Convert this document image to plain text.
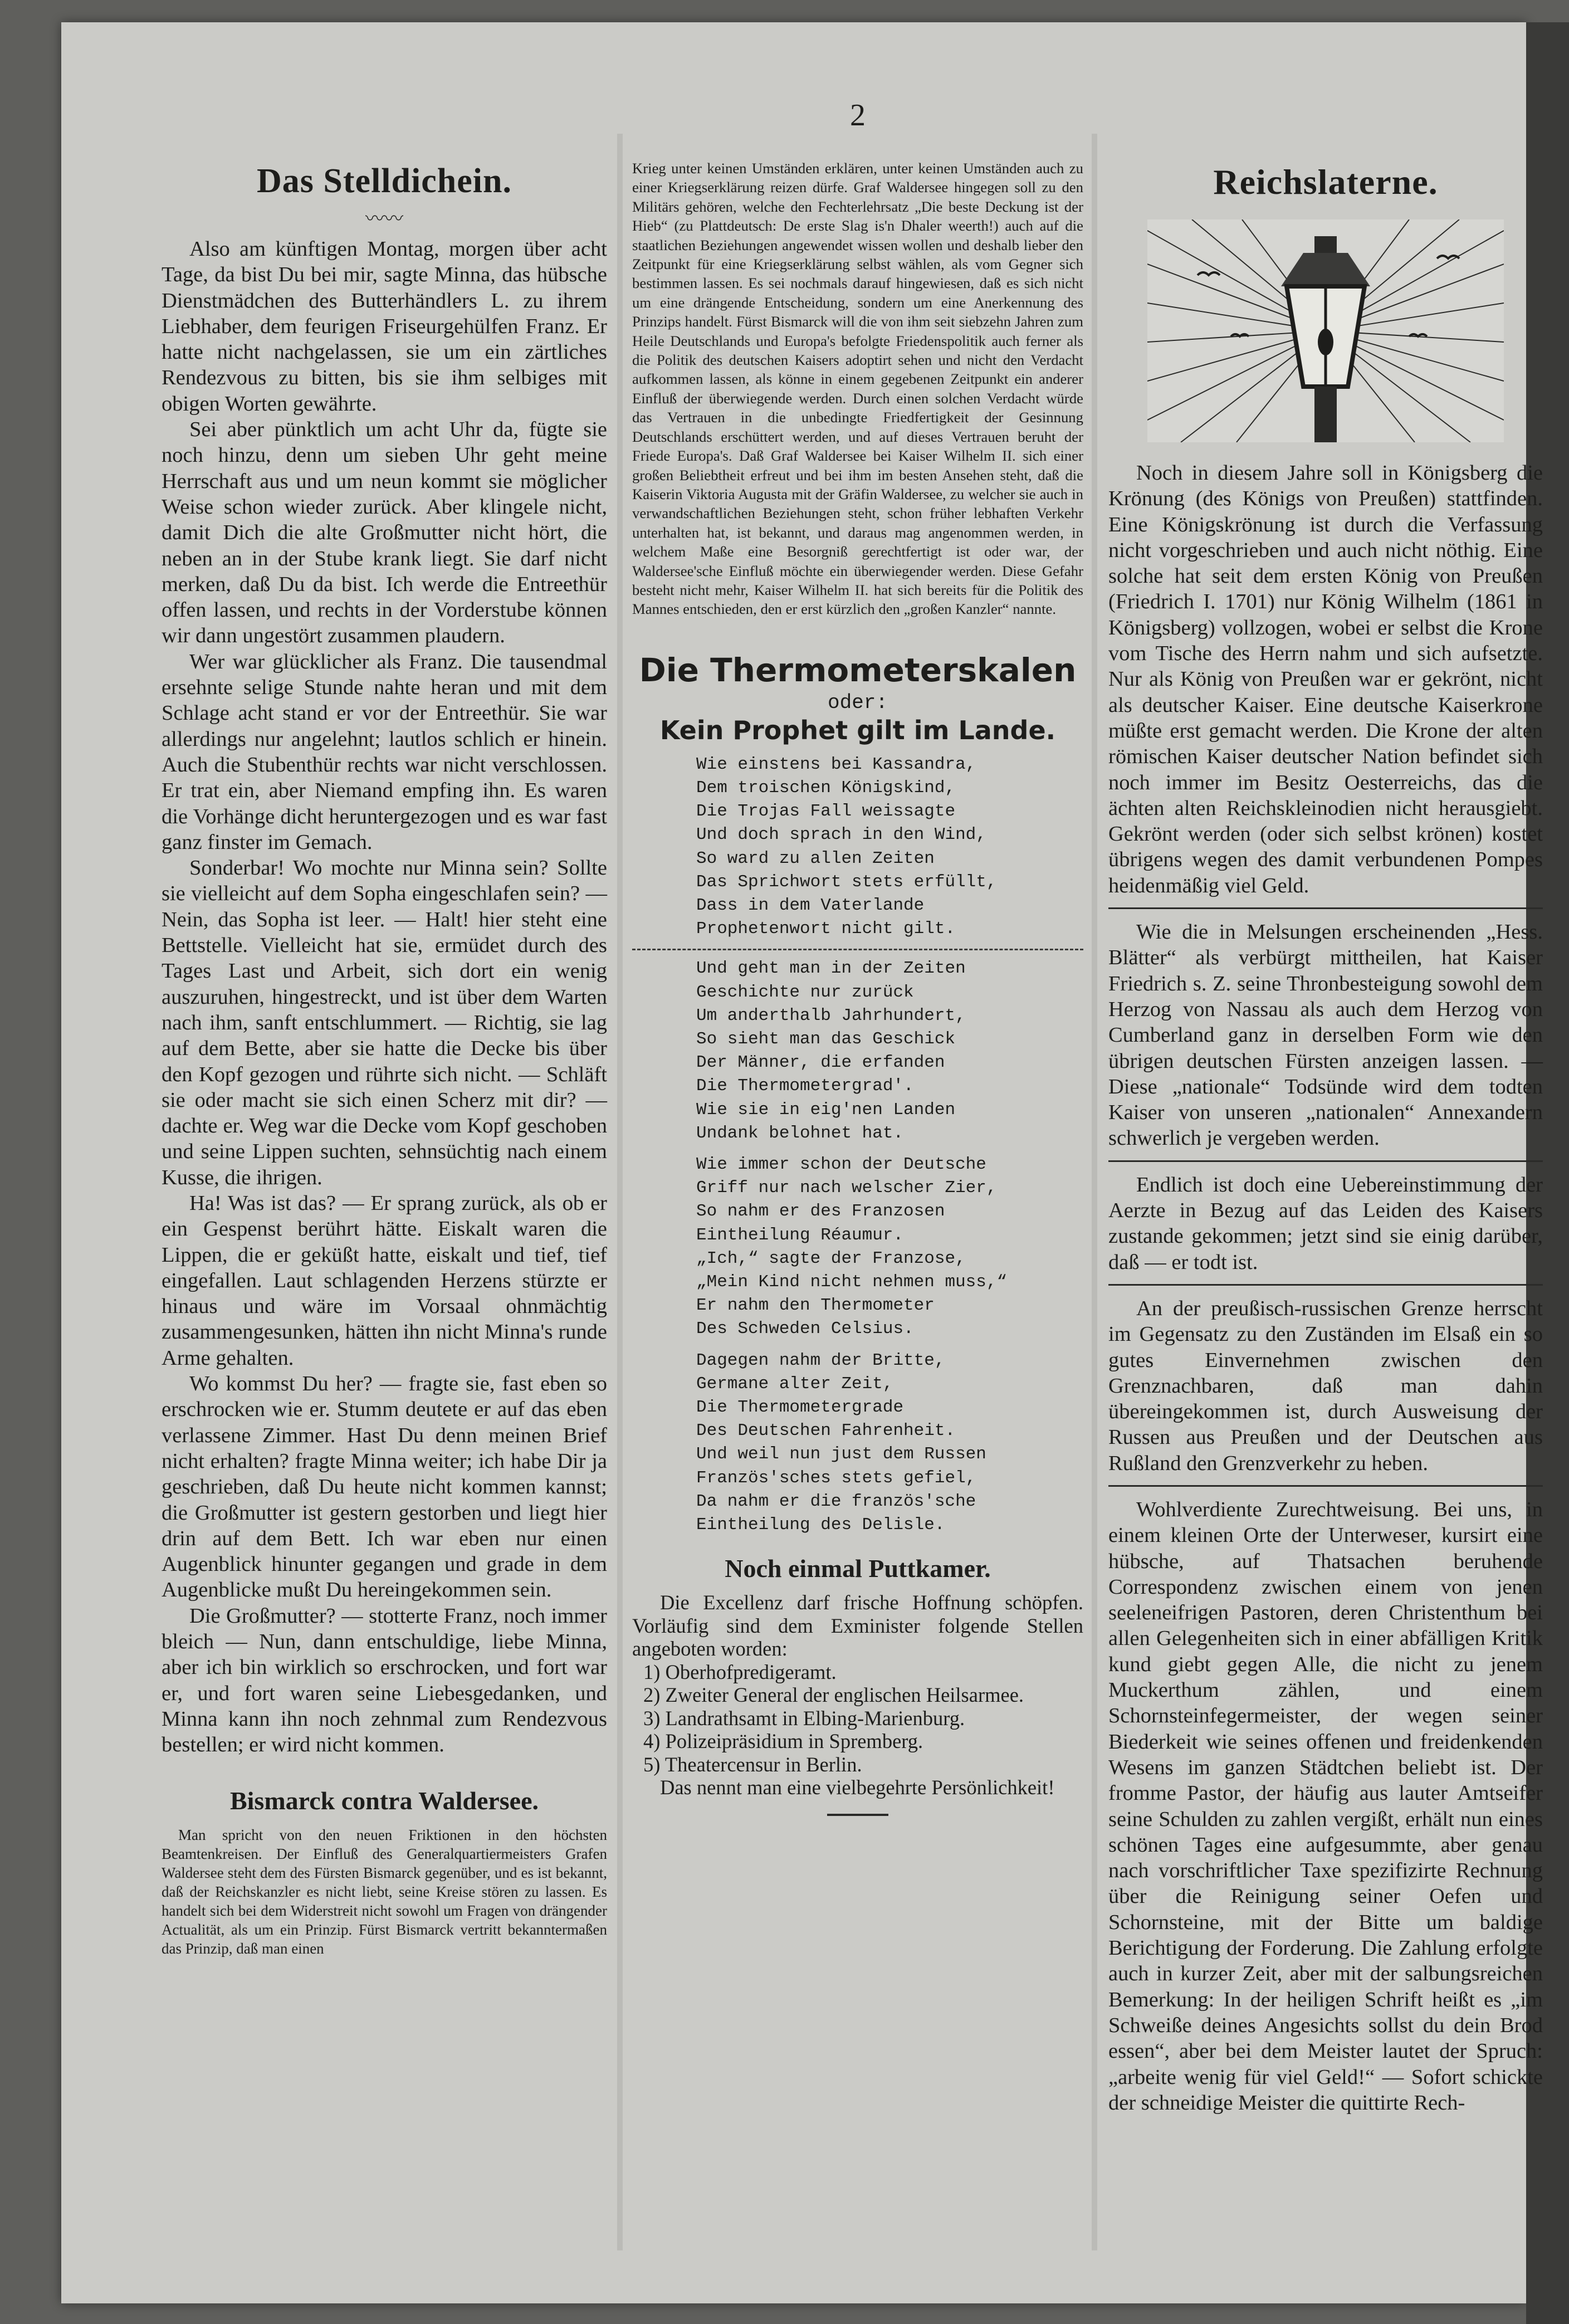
2
Das Stelldichein.
〰〰

Also am künftigen Montag, morgen über acht Tage, da bist Du bei mir, sagte Minna, das hübsche Dienstmädchen des Butterhändlers L. zu ihrem Liebhaber, dem feurigen Friseurgehülfen Franz. Er hatte nicht nachgelassen, sie um ein zärtliches Rendezvous zu bitten, bis sie ihm selbiges mit obigen Worten gewährte.

Sei aber pünktlich um acht Uhr da, fügte sie noch hinzu, denn um sieben Uhr geht meine Herrschaft aus und um neun kommt sie möglicher Weise schon wieder zurück. Aber klingele nicht, damit Dich die alte Großmutter nicht hört, die neben an in der Stube krank liegt. Sie darf nicht merken, daß Du da bist. Ich werde die Entreethür offen lassen, und rechts in der Vorderstube können wir dann ungestört zusammen plaudern.

Wer war glücklicher als Franz. Die tausendmal ersehnte selige Stunde nahte heran und mit dem Schlage acht stand er vor der Entreethür. Sie war allerdings nur angelehnt; lautlos schlich er hinein. Auch die Stubenthür rechts war nicht verschlossen. Er trat ein, aber Niemand empfing ihn. Es waren die Vorhänge dicht heruntergezogen und es war fast ganz finster im Gemach.

Sonderbar! Wo mochte nur Minna sein? Sollte sie vielleicht auf dem Sopha eingeschlafen sein? — Nein, das Sopha ist leer. — Halt! hier steht eine Bettstelle. Vielleicht hat sie, ermüdet durch des Tages Last und Arbeit, sich dort ein wenig auszuruhen, hingestreckt, und ist über dem Warten nach ihm, sanft entschlummert. — Richtig, sie lag auf dem Bette, aber sie hatte die Decke bis über den Kopf gezogen und rührte sich nicht. — Schläft sie oder macht sie sich einen Scherz mit dir? — dachte er. Weg war die Decke vom Kopf geschoben und seine Lippen suchten, sehnsüchtig nach einem Kusse, die ihrigen.

Ha! Was ist das? — Er sprang zurück, als ob er ein Gespenst berührt hätte. Eiskalt waren die Lippen, die er geküßt hatte, eiskalt und tief, tief eingefallen. Laut schlagenden Herzens stürzte er hinaus und wäre im Vorsaal ohnmächtig zusammengesunken, hätten ihn nicht Minna's runde Arme gehalten.

Wo kommst Du her? — fragte sie, fast eben so erschrocken wie er. Stumm deutete er auf das eben verlassene Zimmer. Hast Du denn meinen Brief nicht erhalten? fragte Minna weiter; ich habe Dir ja geschrieben, daß Du heute nicht kommen kannst; die Großmutter ist gestern gestorben und liegt hier drin auf dem Bett. Ich war eben nur einen Augenblick hinunter gegangen und grade in dem Augenblicke mußt Du hereingekommen sein.

Die Großmutter? — stotterte Franz, noch immer bleich — Nun, dann entschuldige, liebe Minna, aber ich bin wirklich so erschrocken, und fort war er, und fort waren seine Liebesgedanken, und Minna kann ihn noch zehnmal zum Rendezvous bestellen; er wird nicht kommen.

Bismarck contra Waldersee.

Man spricht von den neuen Friktionen in den höchsten Beamtenkreisen. Der Einfluß des Generalquartiermeisters Grafen Waldersee steht dem des Fürsten Bismarck gegenüber, und es ist bekannt, daß der Reichskanzler es nicht liebt, seine Kreise stören zu lassen. Es handelt sich bei dem Widerstreit nicht sowohl um Fragen von drängender Actualität, als um ein Prinzip. Fürst Bismarck vertritt bekanntermaßen das Prinzip, daß man einen

Krieg unter keinen Umständen erklären, unter keinen Umständen auch zu einer Kriegserklärung reizen dürfe. Graf Waldersee hingegen soll zu den Militärs gehören, welche den Fechterlehrsatz „Die beste Deckung ist der Hieb“ (zu Plattdeutsch: De erste Slag is'n Dhaler weerth!) auch auf die staatlichen Beziehungen angewendet wissen wollen und deshalb lieber den Zeitpunkt für eine Kriegserklärung selbst wählen, als vom Gegner sich bestimmen lassen. Es sei nochmals darauf hingewiesen, daß es sich nicht um eine drängende Entscheidung, sondern um eine Anerkennung des Prinzips handelt. Fürst Bismarck will die von ihm seit siebzehn Jahren zum Heile Deutschlands und Europa's befolgte Friedenspolitik auch ferner als die Politik des deutschen Kaisers adoptirt sehen und nicht den Verdacht aufkommen lassen, als könne in einem gegebenen Zeitpunkt ein anderer Einfluß der überwiegende werden. Durch einen solchen Verdacht würde das Vertrauen in die unbedingte Friedfertigkeit der Gesinnung Deutschlands erschüttert werden, und auf dieses Vertrauen beruht der Friede Europa's. Daß Graf Waldersee bei Kaiser Wilhelm II. sich einer großen Beliebtheit erfreut und bei ihm im besten Ansehen steht, daß die Kaiserin Viktoria Augusta mit der Gräfin Waldersee, zu welcher sie auch in verwandschaftlichen Beziehungen steht, schon früher lebhaften Verkehr unterhalten hat, ist bekannt, und daraus mag angenommen werden, in welchem Maße eine Besorgniß gerechtfertigt ist oder war, der Waldersee'sche Einfluß möchte ein überwiegender werden. Diese Gefahr besteht nicht mehr, Kaiser Wilhelm II. hat sich bereits für die Politik des Mannes entschieden, den er erst kürzlich den „großen Kanzler“ nannte.

Die Thermometerskalen
oder:
Kein Prophet gilt im Lande.
Wie einstens bei Kassandra,
Dem troischen Königskind,
Die Trojas Fall weissagte
Und doch sprach in den Wind,
So ward zu allen Zeiten
Das Sprichwort stets erfüllt,
Dass in dem Vaterlande
Prophetenwort nicht gilt.
Und geht man in der Zeiten
Geschichte nur zurück
Um anderthalb Jahrhundert,
So sieht man das Geschick
Der Männer, die erfanden
Die Thermometergrad'.
Wie sie in eig'nen Landen
Undank belohnet hat.
Wie immer schon der Deutsche
Griff nur nach welscher Zier,
So nahm er des Franzosen
Eintheilung Réaumur.
„Ich,“ sagte der Franzose,
„Mein Kind nicht nehmen muss,“
Er nahm den Thermometer
Des Schweden Celsius.
Dagegen nahm der Britte,
Germane alter Zeit,
Die Thermometergrade
Des Deutschen Fahrenheit.
Und weil nun just dem Russen
Französ'sches stets gefiel,
Da nahm er die französ'sche
Eintheilung des Delisle.
Noch einmal Puttkamer.

Die Excellenz darf frische Hoffnung schöpfen. Vorläufig sind dem Exminister folgende Stellen angeboten worden:

1) Oberhofpredigeramt.
2) Zweiter General der englischen Heilsarmee.
3) Landrathsamt in Elbing-Marienburg.
4) Polizeipräsidium in Spremberg.
5) Theatercensur in Berlin.

Das nennt man eine vielbegehrte Persönlichkeit!

Reichslaterne.

Noch in diesem Jahre soll in Königsberg die Krönung (des Königs von Preußen) stattfinden. Eine Königskrönung ist durch die Verfassung nicht vorgeschrieben und auch nicht nöthig. Eine solche hat seit dem ersten König von Preußen (Friedrich I. 1701) nur König Wilhelm (1861 in Königsberg) vollzogen, wobei er selbst die Krone vom Tische des Herrn nahm und sich aufsetzte. Nur als König von Preußen war er gekrönt, nicht als deutscher Kaiser. Eine deutsche Kaiserkrone müßte erst gemacht werden. Die Krone der alten römischen Kaiser deutscher Nation befindet sich noch immer im Besitz Oesterreichs, das die ächten alten Reichskleinodien nicht herausgiebt. Gekrönt werden (oder sich selbst krönen) kostet übrigens wegen des damit verbundenen Pompes heidenmäßig viel Geld.

Wie die in Melsungen erscheinenden „Hess. Blätter“ als verbürgt mittheilen, hat Kaiser Friedrich s. Z. seine Thronbesteigung sowohl dem Herzog von Nassau als auch dem Herzog von Cumberland ganz in derselben Form wie den übrigen deutschen Fürsten anzeigen lassen. — Diese „nationale“ Todsünde wird dem todten Kaiser von unseren „nationalen“ Annexandern schwerlich je vergeben werden.

Endlich ist doch eine Uebereinstimmung der Aerzte in Bezug auf das Leiden des Kaisers zustande gekommen; jetzt sind sie einig darüber, daß — er todt ist.

An der preußisch-russischen Grenze herrscht im Gegensatz zu den Zuständen im Elsaß ein so gutes Einvernehmen zwischen den Grenznachbaren, daß man dahin übereingekommen ist, durch Ausweisung der Russen aus Preußen und der Deutschen aus Rußland den Grenzverkehr zu heben.

Wohlverdiente Zurechtweisung. Bei uns, in einem kleinen Orte der Unterweser, kursirt eine hübsche, auf Thatsachen beruhende Correspondenz zwischen einem von jenen seeleneifrigen Pastoren, deren Christenthum bei allen Gelegenheiten sich in einer abfälligen Kritik kund giebt gegen Alle, die nicht zu jenem Muckerthum zählen, und einem Schornsteinfegermeister, der wegen seiner Biederkeit wie seines offenen und freidenkenden Wesens im ganzen Städtchen beliebt ist. Der fromme Pastor, der häufig aus lauter Amtseifer seine Schulden zu zahlen vergißt, erhält nun eines schönen Tages eine aufgesummte, aber genau nach vorschriftlicher Taxe spezifizirte Rechnung über die Reinigung seiner Oefen und Schornsteine, mit der Bitte um baldige Berichtigung der Forderung. Die Zahlung erfolgte auch in kurzer Zeit, aber mit der salbungsreichen Bemerkung: In der heiligen Schrift heißt es „im Schweiße deines Angesichts sollst du dein Brod essen“, aber bei dem Meister lautet der Spruch: „arbeite wenig für viel Geld!“ — Sofort schickte der schneidige Meister die quittirte Rech-
